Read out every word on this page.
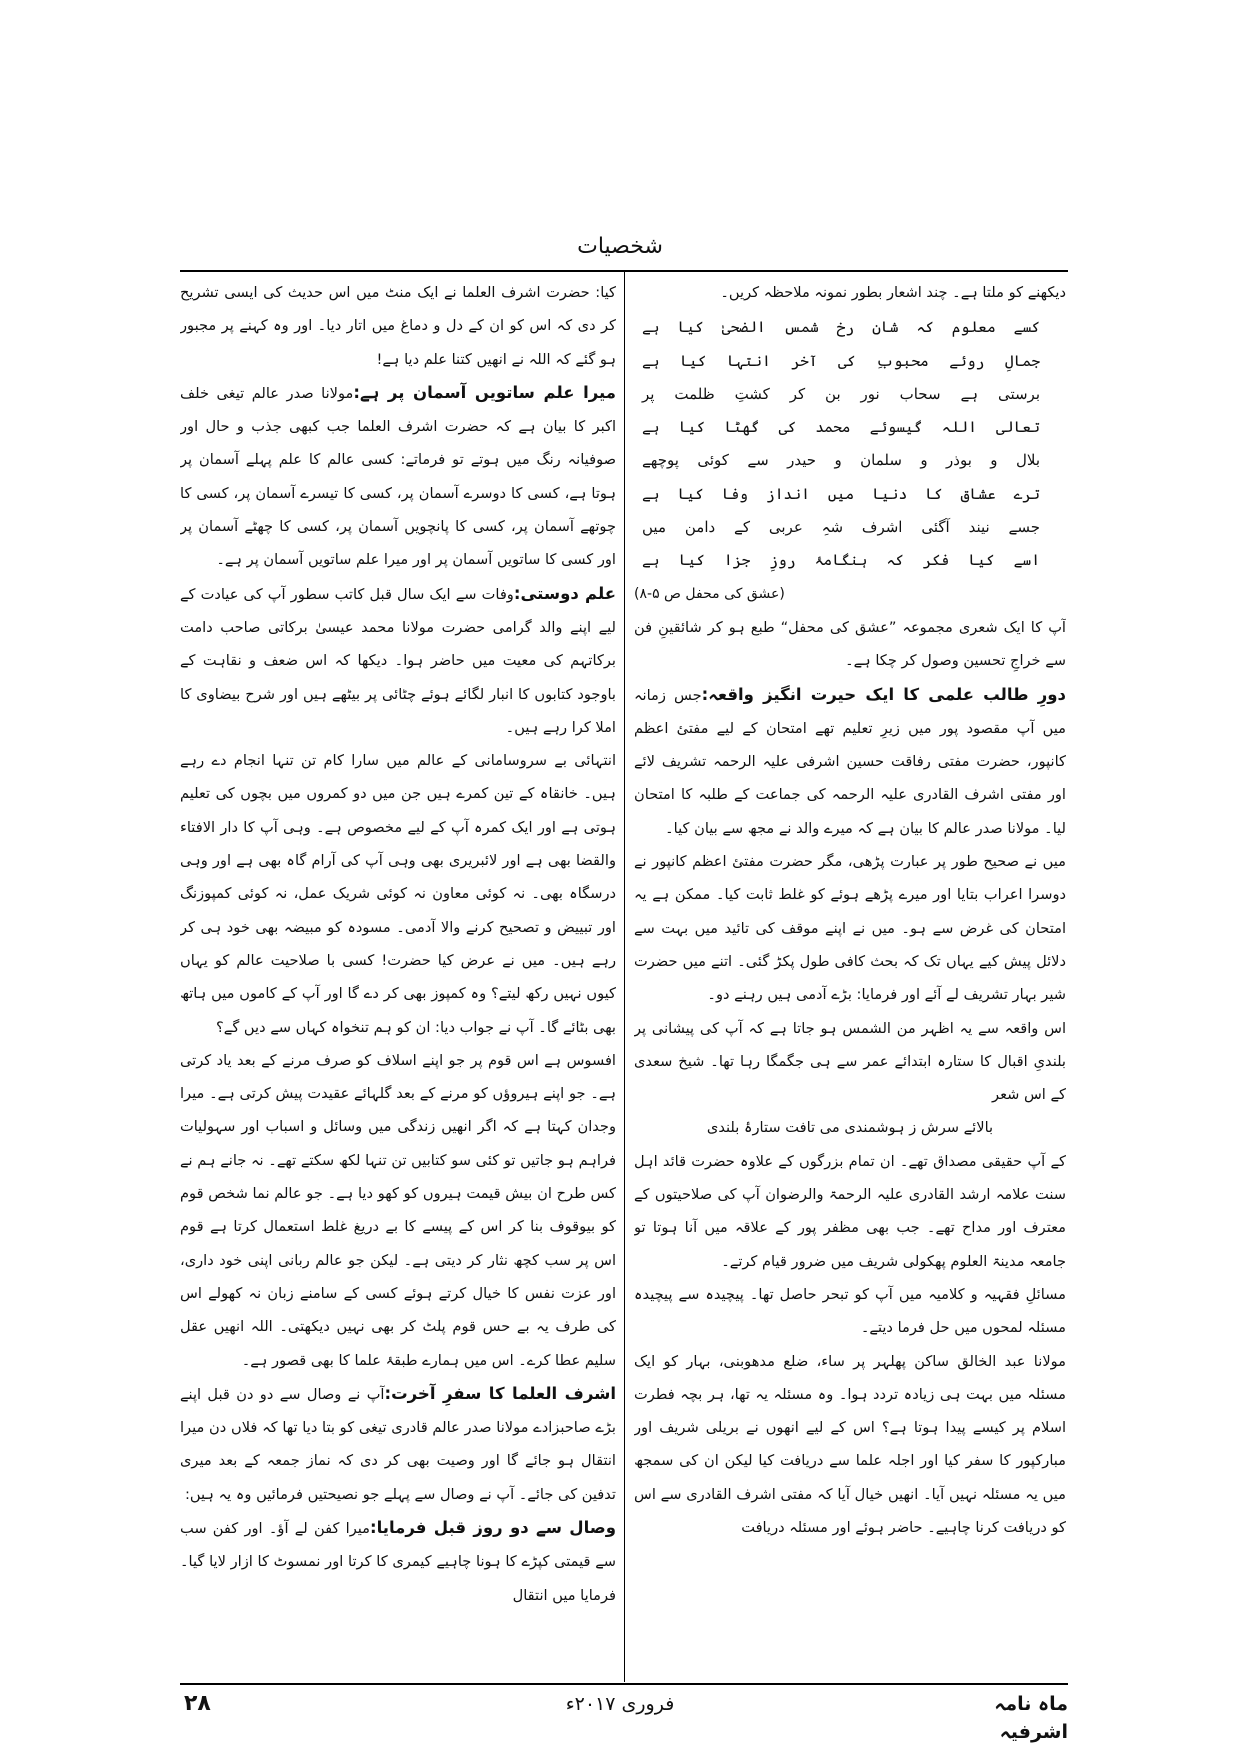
شخصیات

دیکھنے کو ملتا ہے۔ چند اشعار بطور نمونہ ملاحظہ کریں۔

کسے معلوم کہ شانِ رخ شمس الضحیٰ کیا ہے
جمالِ روئے محبوبِ کی آخر انتہا کیا ہے
برستی ہے سحاب نور بن کر کشتِ ظلمت پر
تعالی اللہ گیسوئے محمد کی گھٹا کیا ہے
بلال و بوذر و سلمان و حیدر سے کوئی پوچھے
ترے عشاق کا دنیا میں انداز وفا کیا ہے
جسے نیند آگئی اشرف شہِ عربی کے دامن میں
اسے کیا فکر کہ ہنگامۂ روزِ جزا کیا ہے

(عشق کی محفل ص ۵-۸)

آپ کا ایک شعری مجموعہ ”عشق کی محفل“ طبع ہو کر شائقینِ فن سے خراجِ تحسین وصول کر چکا ہے۔

دورِ طالب علمی کا ایک حیرت انگیز واقعہ:جس زمانہ میں آپ مقصود پور میں زیرِ تعلیم تھے امتحان کے لیے مفتیٔ اعظم کانپور، حضرت مفتی رفاقت حسین اشرفی علیہ الرحمہ تشریف لائے اور مفتی اشرف القادری علیہ الرحمہ کی جماعت کے طلبہ کا امتحان لیا۔ مولانا صدر عالم کا بیان ہے کہ میرے والد نے مجھ سے بیان کیا۔

میں نے صحیح طور پر عبارت پڑھی، مگر حضرت مفتیٔ اعظم کانپور نے دوسرا اعراب بتایا اور میرے پڑھے ہوئے کو غلط ثابت کیا۔ ممکن ہے یہ امتحان کی غرض سے ہو۔ میں نے اپنے موقف کی تائید میں بہت سے دلائل پیش کیے یہاں تک کہ بحث کافی طول پکڑ گئی۔ اتنے میں حضرت شیر بہار تشریف لے آئے اور فرمایا: بڑے آدمی ہیں رہنے دو۔

اس واقعہ سے یہ اظہر من الشمس ہو جاتا ہے کہ آپ کی پیشانی پر بلندیِ اقبال کا ستارہ ابتدائے عمر سے ہی جگمگا رہا تھا۔ شیخ سعدی کے اس شعر

بالائے سرش ز ہوشمندی می تافت ستارۂ بلندی

کے آپ حقیقی مصداق تھے۔ ان تمام بزرگوں کے علاوہ حضرت قائد اہل سنت علامہ ارشد القادری علیہ الرحمۃ والرضوان آپ کی صلاحیتوں کے معترف اور مداح تھے۔ جب بھی مظفر پور کے علاقہ میں آنا ہوتا تو جامعہ مدینۃ العلوم پھکولی شریف میں ضرور قیام کرتے۔

مسائلِ فقہیہ و کلامیہ میں آپ کو تبحر حاصل تھا۔ پیچیدہ سے پیچیدہ مسئلہ لمحوں میں حل فرما دیتے۔

مولانا عبد الخالق ساکن پھلہر پر ساء، ضلع مدھوبنی، بہار کو ایک مسئلہ میں بہت ہی زیادہ تردد ہوا۔ وہ مسئلہ یہ تھا، ہر بچہ فطرت اسلام پر کیسے پیدا ہوتا ہے؟ اس کے لیے انھوں نے بریلی شریف اور مبارکپور کا سفر کیا اور اجلہ علما سے دریافت کیا لیکن ان کی سمجھ میں یہ مسئلہ نہیں آیا۔ انھیں خیال آیا کہ مفتی اشرف القادری سے اس کو دریافت کرنا چاہیے۔ حاضر ہوئے اور مسئلہ دریافت

کیا: حضرت اشرف العلما نے ایک منٹ میں اس حدیث کی ایسی تشریح کر دی کہ اس کو ان کے دل و دماغ میں اتار دیا۔ اور وہ کہنے پر مجبور ہو گئے کہ اللہ نے انھیں کتنا علم دیا ہے!

میرا علم ساتویں آسمان پر ہے:مولانا صدر عالم تیغی خلف اکبر کا بیان ہے کہ حضرت اشرف العلما جب کبھی جذب و حال اور صوفیانہ رنگ میں ہوتے تو فرماتے: کسی عالم کا علم پہلے آسمان پر ہوتا ہے، کسی کا دوسرے آسمان پر، کسی کا تیسرے آسمان پر، کسی کا چوتھے آسمان پر، کسی کا پانچویں آسمان پر، کسی کا چھٹے آسمان پر اور کسی کا ساتویں آسمان پر اور میرا علم ساتویں آسمان پر ہے۔

علم دوستی:وفات سے ایک سال قبل کاتب سطور آپ کی عیادت کے لیے اپنے والد گرامی حضرت مولانا محمد عیسیٰ برکاتی صاحب دامت برکاتہم کی معیت میں حاضر ہوا۔ دیکھا کہ اس ضعف و نقاہت کے باوجود کتابوں کا انبار لگائے ہوئے چٹائی پر بیٹھے ہیں اور شرح بیضاوی کا املا کرا رہے ہیں۔

انتہائی بے سروسامانی کے عالم میں سارا کام تن تنہا انجام دے رہے ہیں۔ خانقاہ کے تین کمرے ہیں جن میں دو کمروں میں بچوں کی تعلیم ہوتی ہے اور ایک کمرہ آپ کے لیے مخصوص ہے۔ وہی آپ کا دار الافتاء والقضا بھی ہے اور لائبریری بھی وہی آپ کی آرام گاہ بھی ہے اور وہی درسگاہ بھی۔ نہ کوئی معاون نہ کوئی شریک عمل، نہ کوئی کمپوزنگ اور تبییض و تصحیح کرنے والا آدمی۔ مسودہ کو مبیضہ بھی خود ہی کر رہے ہیں۔ میں نے عرض کیا حضرت! کسی با صلاحیت عالم کو یہاں کیوں نہیں رکھ لیتے؟ وہ کمپوز بھی کر دے گا اور آپ کے کاموں میں ہاتھ بھی بٹائے گا۔ آپ نے جواب دیا: ان کو ہم تنخواہ کہاں سے دیں گے؟

افسوس ہے اس قوم پر جو اپنے اسلاف کو صرف مرنے کے بعد یاد کرتی ہے۔ جو اپنے ہیروؤں کو مرنے کے بعد گلہائے عقیدت پیش کرتی ہے۔ میرا وجدان کہتا ہے کہ اگر انھیں زندگی میں وسائل و اسباب اور سہولیات فراہم ہو جاتیں تو کئی سو کتابیں تن تنہا لکھ سکتے تھے۔ نہ جانے ہم نے کس طرح ان بیش قیمت ہیروں کو کھو دیا ہے۔ جو عالم نما شخص قوم کو بیوقوف بنا کر اس کے پیسے کا بے دریغ غلط استعمال کرتا ہے قوم اس پر سب کچھ نثار کر دیتی ہے۔ لیکن جو عالم ربانی اپنی خود داری، اور عزت نفس کا خیال کرتے ہوئے کسی کے سامنے زبان نہ کھولے اس کی طرف یہ بے حس قوم پلٹ کر بھی نہیں دیکھتی۔ اللہ انھیں عقل سلیم عطا کرے۔ اس میں ہمارے طبقۂ علما کا بھی قصور ہے۔

اشرف العلما کا سفرِ آخرت:آپ نے وصال سے دو دن قبل اپنے بڑے صاحبزادے مولانا صدر عالم قادری تیغی کو بتا دیا تھا کہ فلاں دن میرا انتقال ہو جائے گا اور وصیت بھی کر دی کہ نماز جمعہ کے بعد میری تدفین کی جائے۔ آپ نے وصال سے پہلے جو نصیحتیں فرمائیں وہ یہ ہیں:

وصال سے دو روز قبل فرمایا:میرا کفن لے آؤ۔ اور کفن سب سے قیمتی کپڑے کا ہونا چاہیے کیمری کا کرتا اور نمسوٹ کا ازار لایا گیا۔ فرمایا میں انتقال

ماہ نامہ اشرفیہ
فروری ۲۰۱۷ء
۲۸
